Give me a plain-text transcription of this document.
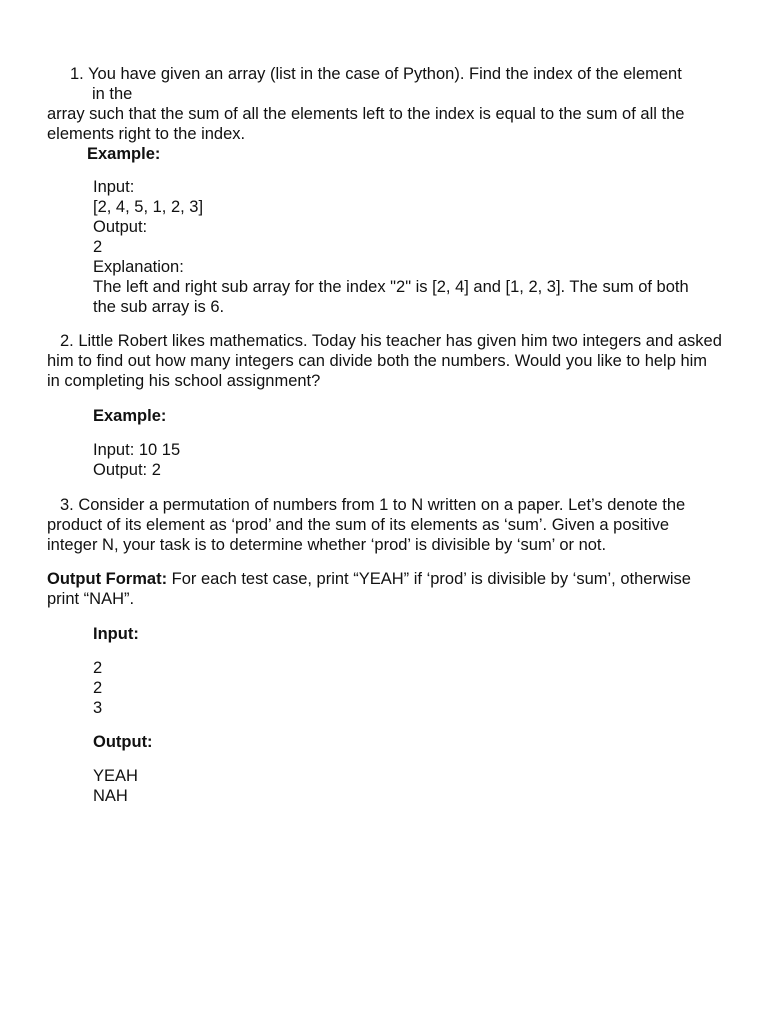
1. You have given an array (list in the case of Python). Find the index of the element in the

array such that the sum of all the elements left to the index is equal to the sum of all the elements right to the index.

Example:

Input:
[2, 4, 5, 1, 2, 3]
Output:
2
Explanation:
The left and right sub array for the index "2" is [2, 4] and [1, 2, 3]. The sum of both the sub array is 6.

2. Little Robert likes mathematics. Today his teacher has given him two integers and asked him to find out how many integers can divide both the numbers. Would you like to help him in completing his school assignment?

Example:

Input: 10 15
Output: 2

3. Consider a permutation of numbers from 1 to N written on a paper. Let’s denote the product of its element as ‘prod’ and the sum of its elements as ‘sum’. Given a positive integer N, your task is to determine whether ‘prod’ is divisible by ‘sum’ or not.

Output Format: For each test case, print “YEAH” if ‘prod’ is divisible by ‘sum’, otherwise print “NAH”.

Input:

2
2
3

Output:

YEAH
NAH
